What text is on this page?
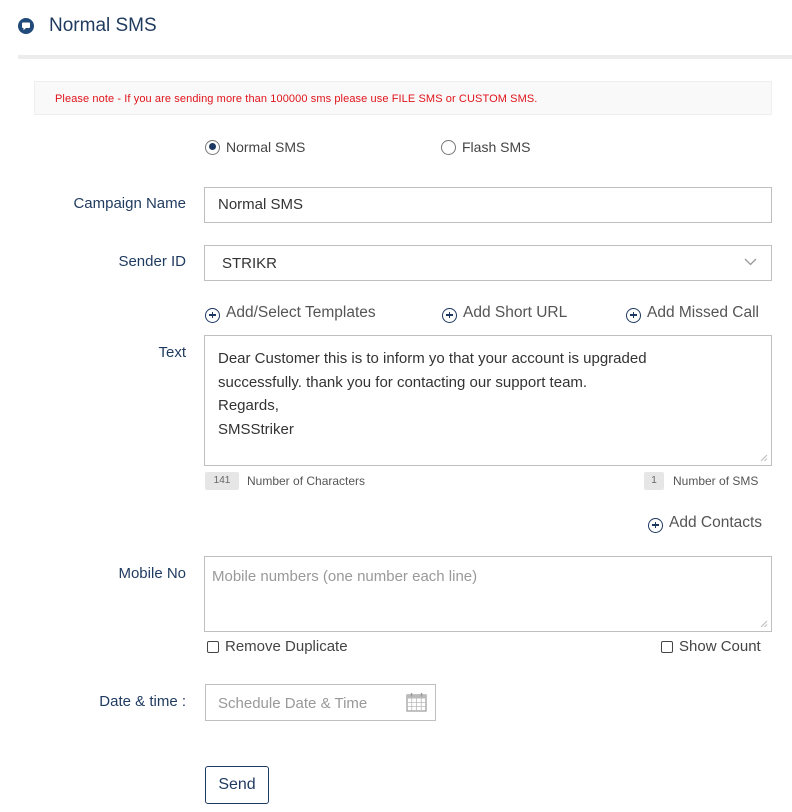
Normal SMS
Please note - If you are sending more than 100000 sms please use FILE SMS or CUSTOM SMS.
Normal SMS	Flash SMS
Campaign Name Normal SMS
Sender ID STRIKR
Add/Select Templates	Add Short URL	Add Missed Call
Text Dear Customer this is to inform yo that your account is upgraded
successfully. thank you for contacting our support team.
Regards,
SMSStriker
141	Number of Characters	1	Number of SMS
Add Contacts
Mobile No Mobile numbers (one number each line)
Remove Duplicate	Show Count
Date & time : Schedule Date & Time
Send
